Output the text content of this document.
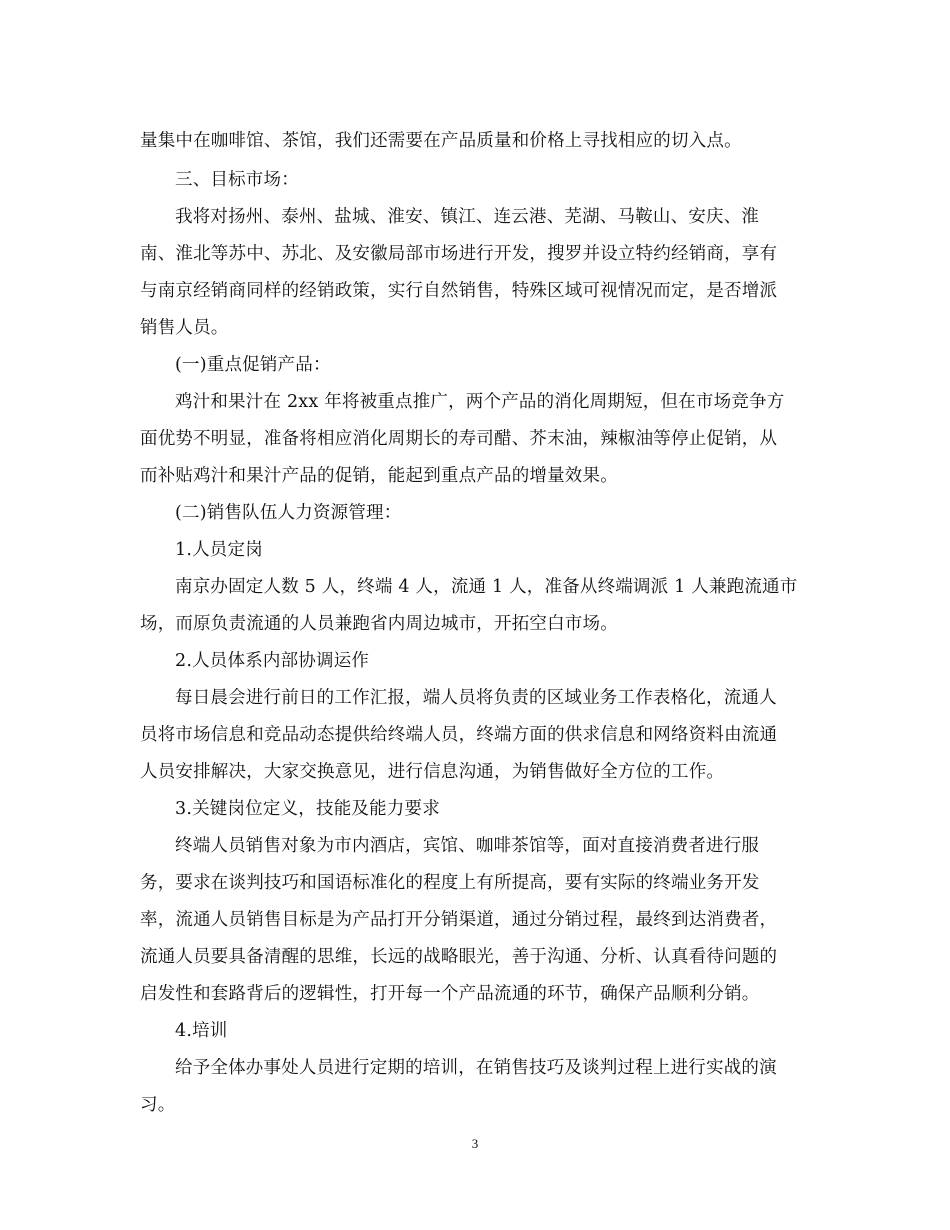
量集中在咖啡馆、茶馆，我们还需要在产品质量和价格上寻找相应的切入点。
三、目标市场：
我将对扬州、泰州、盐城、淮安、镇江、连云港、芜湖、马鞍山、安庆、淮
南、淮北等苏中、苏北、及安徽局部市场进行开发，搜罗并设立特约经销商，享有
与南京经销商同样的经销政策，实行自然销售，特殊区域可视情况而定，是否增派
销售人员。
(一)重点促销产品：
鸡汁和果汁在 2xx 年将被重点推广，两个产品的消化周期短，但在市场竞争方
面优势不明显，准备将相应消化周期长的寿司醋、芥末油，辣椒油等停止促销，从
而补贴鸡汁和果汁产品的促销，能起到重点产品的增量效果。
(二)销售队伍人力资源管理：
1.人员定岗
南京办固定人数 5 人，终端 4 人，流通 1 人，准备从终端调派 1 人兼跑流通市
场，而原负责流通的人员兼跑省内周边城市，开拓空白市场。
2.人员体系内部协调运作
每日晨会进行前日的工作汇报，端人员将负责的区域业务工作表格化，流通人
员将市场信息和竞品动态提供给终端人员，终端方面的供求信息和网络资料由流通
人员安排解决，大家交换意见，进行信息沟通，为销售做好全方位的工作。
3.关键岗位定义，技能及能力要求
终端人员销售对象为市内酒店，宾馆、咖啡茶馆等，面对直接消费者进行服
务，要求在谈判技巧和国语标准化的程度上有所提高，要有实际的终端业务开发
率，流通人员销售目标是为产品打开分销渠道，通过分销过程，最终到达消费者，
流通人员要具备清醒的思维，长远的战略眼光，善于沟通、分析、认真看待问题的
启发性和套路背后的逻辑性，打开每一个产品流通的环节，确保产品顺利分销。
4.培训
给予全体办事处人员进行定期的培训，在销售技巧及谈判过程上进行实战的演
习。
3
